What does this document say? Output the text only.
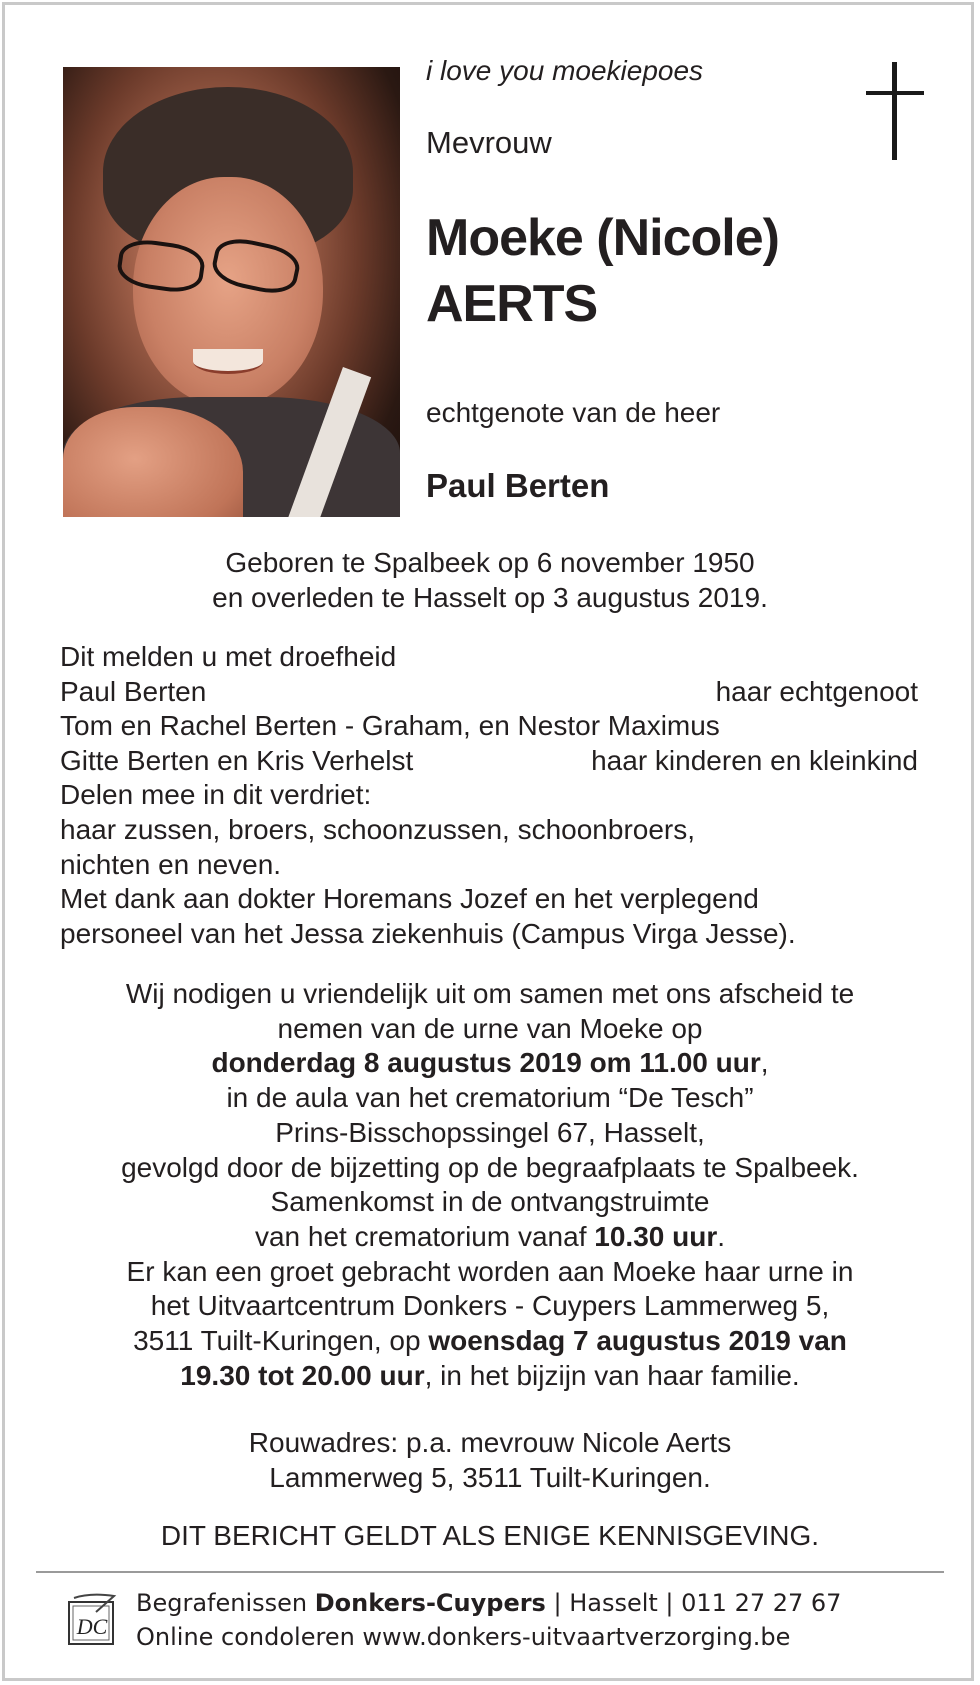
i love you moekiepoes
Mevrouw
Moeke (Nicole)
AERTS
echtgenote van de heer
Paul Berten
Geboren te Spalbeek op 6 november 1950
en overleden te Hasselt op 3 augustus 2019.
Dit melden u met droefheid
Paul Berten	haar echtgenoot
Tom en Rachel Berten - Graham, en Nestor Maximus
Gitte Berten en Kris Verhelst	haar kinderen en kleinkind
Delen mee in dit verdriet:
haar zussen, broers, schoonzussen, schoonbroers,
nichten en neven.
Met dank aan dokter Horemans Jozef en het verplegend
personeel van het Jessa ziekenhuis (Campus Virga Jesse).
Wij nodigen u vriendelijk uit om samen met ons afscheid te
nemen van de urne van Moeke op
donderdag 8 augustus 2019 om 11.00 uur,
in de aula van het crematorium “De Tesch”
Prins-Bisschopssingel 67, Hasselt,
gevolgd door de bijzetting op de begraafplaats te Spalbeek.
Samenkomst in de ontvangstruimte
van het crematorium vanaf 10.30 uur.
Er kan een groet gebracht worden aan Moeke haar urne in
het Uitvaartcentrum Donkers - Cuypers Lammerweg 5,
3511 Tuilt-Kuringen, op woensdag 7 augustus 2019 van
19.30 tot 20.00 uur, in het bijzijn van haar familie.
Rouwadres: p.a. mevrouw Nicole Aerts
Lammerweg 5, 3511 Tuilt-Kuringen.
DIT BERICHT GELDT ALS ENIGE KENNISGEVING.
DC
Begrafenissen Donkers-Cuypers | Hasselt | 011 27 27 67
Online condoleren www.donkers-uitvaartverzorging.be
